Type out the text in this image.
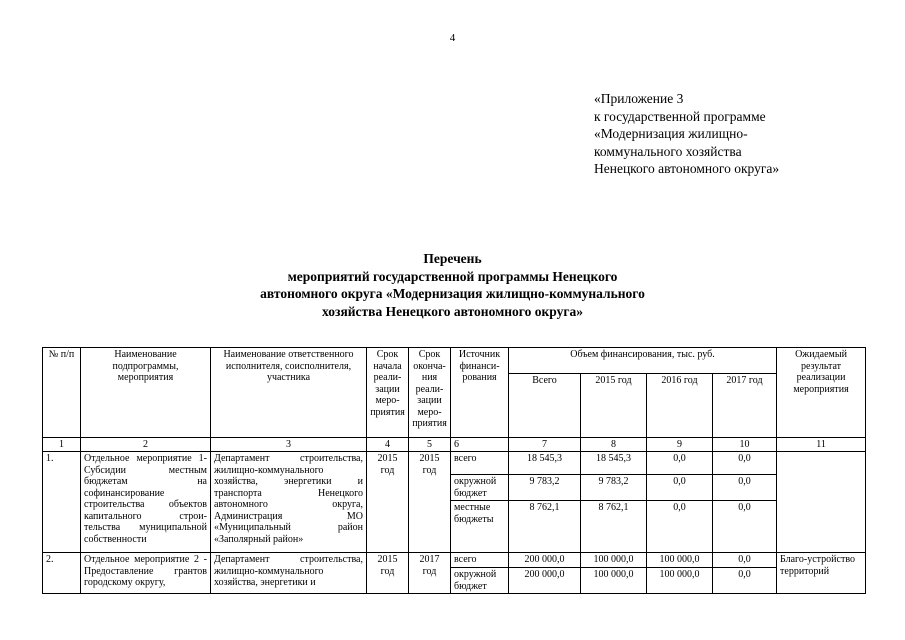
4
«Приложение 3
к государственной программе
«Модернизация жилищно-
коммунального хозяйства
Ненецкого автономного округа»
Перечень
мероприятий государственной программы Ненецкого
автономного округа «Модернизация жилищно-коммунального
хозяйства Ненецкого автономного округа»
№ п/п	Наименование подпрограммы, мероприятия	Наименование ответственного исполнителя, соисполнителя, участника	Срок начала реали-зации меро-приятия	Срок оконча-ния реали-зации меро-приятия	Источник финанси-рования	Объем финансирования, тыс. руб.				Ожидаемый результат реализации мероприятия
						Всего	2015 год	2016 год	2017 год	
1	2	3	4	5	6	7	8	9	10	11
1.	Отдельное мероприятие 1-Субсидии местным бюджетам на софинансирование строительства объектов капитального строи-тельства муниципальной собственности	Департамент строительства, жилищно-коммунального хозяйства, энергетики и транспорта Ненецкого автономного округа, Администрация МО «Муниципальный район «Заполярный район»	2015 год	2015 год	всего	18 545,3	18 545,3	0,0	0,0	
					окружной бюджет	9 783,2	9 783,2	0,0	0,0	
					местные бюджеты	8 762,1	8 762,1	0,0	0,0	
2.	Отдельное мероприятие 2 - Предоставление грантов городскому округу,	Департамент строительства, жилищно-коммунального хозяйства, энергетики и	2015 год	2017 год	всего	200 000,0	100 000,0	100 000,0	0,0	Благо-устройство территорий
					окружной бюджет	200 000,0	100 000,0	100 000,0	0,0	
